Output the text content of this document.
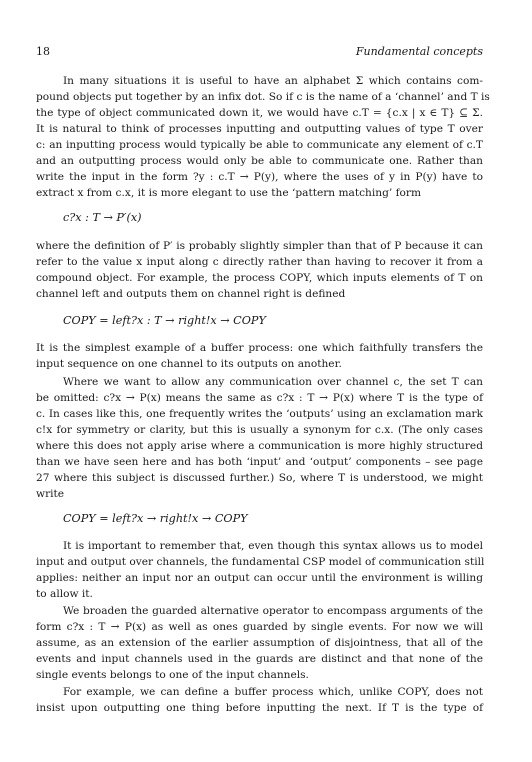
18	Fundamental concepts
In many situations it is useful to have an alphabet Σ which contains com-
pound objects put together by an infix dot. So if c is the name of a ‘channel’ and T is
the type of object communicated down it, we would have c.T = {c.x | x ∈ T} ⊆ Σ.
It is natural to think of processes inputting and outputting values of type T over
c: an inputting process would typically be able to communicate any element of c.T
and an outputting process would only be able to communicate one. Rather than
write the input in the form ?y : c.T → P(y), where the uses of y in P(y) have to
extract x from c.x, it is more elegant to use the ‘pattern matching’ form
c?x : T → P′(x)
where the definition of P′ is probably slightly simpler than that of P because it can
refer to the value x input along c directly rather than having to recover it from a
compound object. For example, the process COPY, which inputs elements of T on
channel left and outputs them on channel right is defined
COPY = left?x : T → right!x → COPY
It is the simplest example of a buffer process: one which faithfully transfers the
input sequence on one channel to its outputs on another.
Where we want to allow any communication over channel c, the set T can
be omitted: c?x → P(x) means the same as c?x : T → P(x) where T is the type of
c. In cases like this, one frequently writes the ‘outputs’ using an exclamation mark
c!x for symmetry or clarity, but this is usually a synonym for c.x. (The only cases
where this does not apply arise where a communication is more highly structured
than we have seen here and has both ‘input’ and ‘output’ components – see page
27 where this subject is discussed further.) So, where T is understood, we might
write
COPY = left?x → right!x → COPY
It is important to remember that, even though this syntax allows us to model
input and output over channels, the fundamental CSP model of communication still
applies: neither an input nor an output can occur until the environment is willing
to allow it.
We broaden the guarded alternative operator to encompass arguments of the
form c?x : T → P(x) as well as ones guarded by single events. For now we will
assume, as an extension of the earlier assumption of disjointness, that all of the
events and input channels used in the guards are distinct and that none of the
single events belongs to one of the input channels.
For example, we can define a buffer process which, unlike COPY, does not
insist upon outputting one thing before inputting the next. If T is the type of
